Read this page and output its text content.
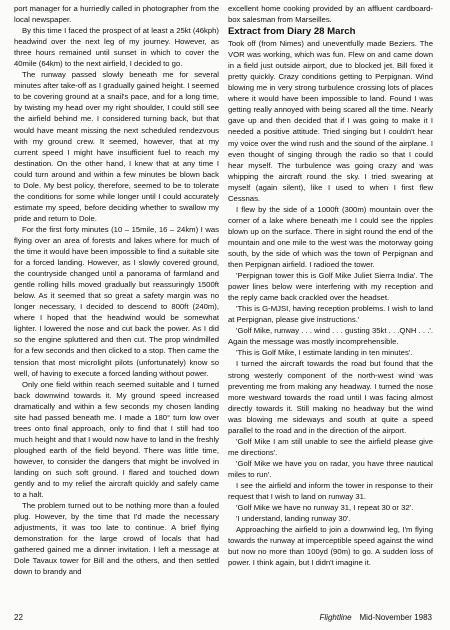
port manager for a hurriedly called in photographer from the local newspaper.

By this time I faced the prospect of at least a 25kt (46kph) headwind over the next leg of my journey. However, as three hours remained until sunset in which to cover the 40mile (64km) to the next airfield, I decided to go.

The runway passed slowly beneath me for several minutes after take-off as I gradually gained height. I seemed to be covering ground at a snail's pace, and for a long time, by twisting my head over my right shoulder, I could still see the airfield behind me. I considered turning back, but that would have meant missing the next scheduled rendezvous with my ground crew. It seemed, however, that at my current speed I might have insufficient fuel to reach my destination. On the other hand, I knew that at any time I could turn around and within a few minutes be blown back to Dole. My best policy, therefore, seemed to be to tolerate the conditions for some while longer until I could accurately estimate my speed, before deciding whether to swallow my pride and return to Dole.

For the first forty minutes (10 – 15mile, 16 – 24km) I was flying over an area of forests and lakes where for much of the time it would have been impossible to find a suitable site for a forced landing. However, as I slowly covered ground, the countryside changed until a panorama of farmland and gentle rolling hills moved gradually but reassuringly 1500ft below. As it seemed that so great a safety margin was no longer necessary, I decided to descend to 800ft (240m), where I hoped that the headwind would be somewhat lighter. I lowered the nose and cut back the power. As I did so the engine spluttered and then cut. The prop windmilled for a few seconds and then clicked to a stop. Then came the tension that most microlight pilots (unfortunately) know so well, of having to execute a forced landing without power.

Only one field within reach seemed suitable and I turned back downwind towards it. My ground speed increased dramatically and within a few seconds my chosen landing site had passed beneath me. I made a 180° turn low over trees onto final approach, only to find that I still had too much height and that I would now have to land in the freshly ploughed earth of the field beyond. There was little time, however, to consider the dangers that might be involved in landing on such soft ground. I flared and touched down gently and to my relief the aircraft quickly and safely came to a halt.

The problem turned out to be nothing more than a fouled plug. However, by the time that I'd made the necessary adjustments, it was too late to continue. A brief flying demonstration for the large crowd of locals that had gathered gained me a dinner invitation. I left a message at Dole Tavaux tower for Bill and the others, and then settled down to brandy and

excellent home cooking provided by an affluent cardboard-box salesman from Marseilles.

Extract from Diary 28 March

Took off (from Nimes) and uneventfully made Beziers. The VOR was working, which was fun. Flew on and came down in a field just outside airport, due to blocked jet. Bill fixed it pretty quickly. Crazy conditions getting to Perpignan. Wind blowing me in very strong turbulence crossing lots of places where it would have been impossible to land. Found I was getting really annoyed with being scared all the time. Nearly gave up and then decided that if I was going to make it I needed a positive attitude. Tried singing but I couldn't hear my voice over the wind rush and the sound of the airplane. I even thought of singing through the radio so that I could hear myself. The turbulence was going crazy and was whipping the aircraft round the sky. I tried swearing at myself (again silent), like I used to when I first flew Cessnas.

I flew by the side of a 1000ft (300m) mountain over the corner of a lake where beneath me I could see the ripples blown up on the surface. There in sight round the end of the mountain and one mile to the west was the motorway going south, by the side of which was the town of Perpignan and then Perpignan airfield. I radioed the tower.

'Perpignan tower this is Golf Mike Juliet Sierra India'. The power lines below were interfering with my reception and the reply came back crackled over the headset.

'This is G-MJSI, having reception problems. I wish to land at Perpignan, please give instructions.'

'Golf Mike, runway . . . wind . . . gusting 35kt . . .QNH . . .'. Again the message was mostly incomprehensible.

'This is Golf Mike, I estimate landing in ten minutes'.

I turned the aircraft towards the road but found that the strong westerly component of the north-west wind was preventing me from making any headway. I turned the nose more westward towards the road until I was facing almost directly towards it. Still making no headway but the wind was blowing me sideways and south at quite a speed parallel to the road and in the direction of the airport.

'Golf Mike I am still unable to see the airfield please give me directions'.

'Golf Mike we have you on radar, you have three nautical miles to run'.

I see the airfield and inform the tower in response to their request that I wish to land on runway 31.

'Golf Mike we have no runway 31, I repeat 30 or 32'.

'I understand, landing runway 30'.

Approaching the airfield to join a downwind leg, I'm flying towards the runway at imperceptible speed against the wind but now no more than 100yd (90m) to go. A sudden loss of power. I think again, but I didn't imagine it.

22	Flightline Mid-November 1983
